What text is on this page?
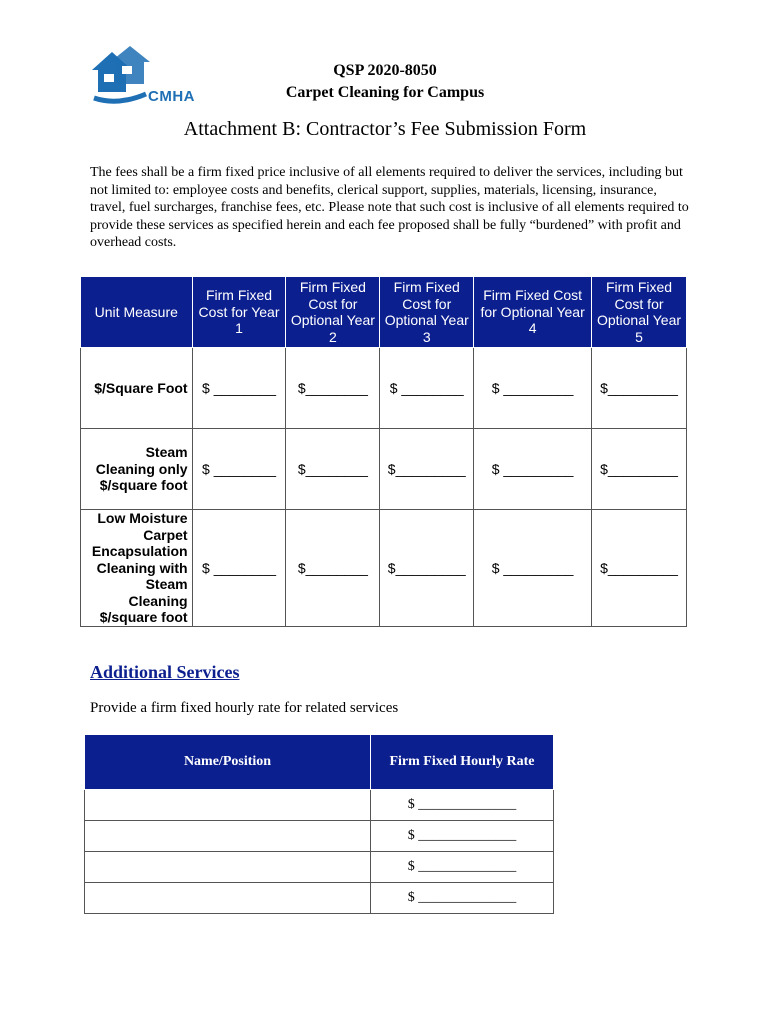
CMHA
QSP 2020-8050
Carpet Cleaning for Campus
Attachment B: Contractor’s Fee Submission Form
The fees shall be a firm fixed price inclusive of all elements required to deliver the services, including but not limited to: employee costs and benefits, clerical support, supplies, materials, licensing, insurance, travel, fuel surcharges, franchise fees, etc. Please note that such cost is inclusive of all elements required to provide these services as specified herein and each fee proposed shall be fully “burdened” with profit and overhead costs.
Unit Measure	Firm Fixed Cost for Year 1	Firm Fixed Cost for Optional Year 2	Firm Fixed Cost for Optional Year 3	Firm Fixed Cost for Optional Year 4	Firm Fixed Cost for Optional Year 5
$/Square Foot	$ ________	$________	$ ________	$ _________	$_________
Steam Cleaning only $/square foot	$ ________	$________	$_________	$ _________	$_________
Low Moisture Carpet Encapsulation Cleaning with Steam Cleaning $/square foot	$ ________	$________	$_________	$ _________	$_________
Additional Services
Provide a firm fixed hourly rate for related services
Name/Position	Firm Fixed Hourly Rate
	$ ______________
	$ ______________
	$ ______________
	$ ______________
